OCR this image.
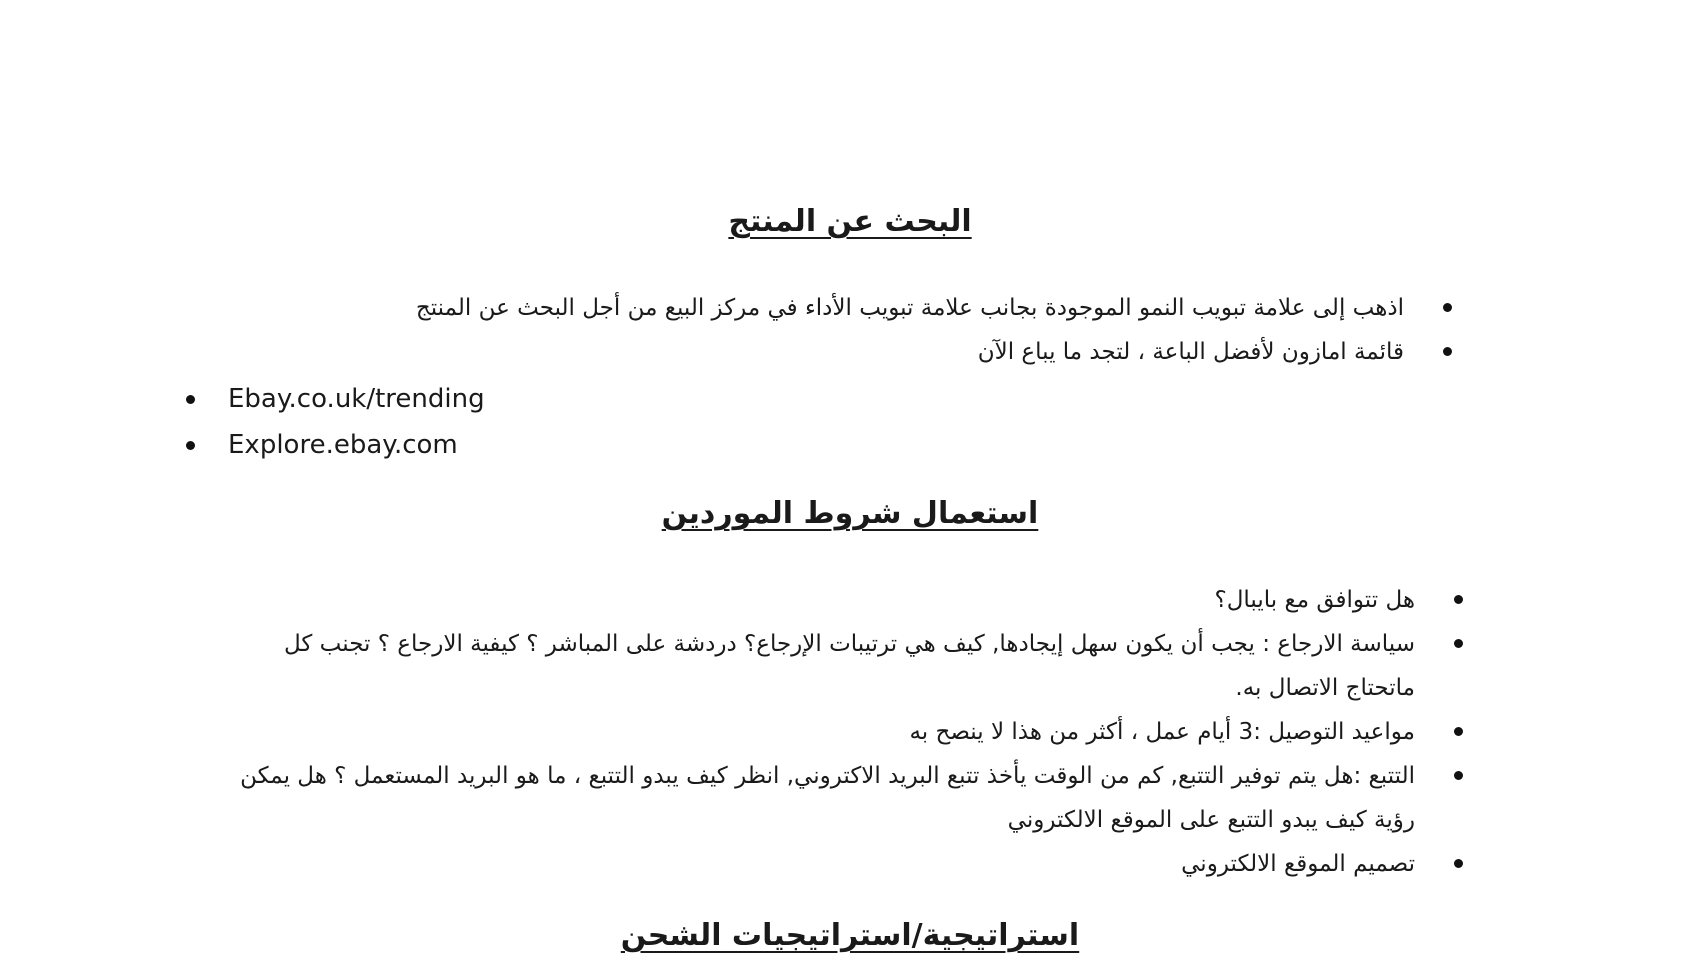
البحث عن المنتج
اذهب إلى علامة تبويب النمو الموجودة بجانب علامة تبويب الأداء في مركز البيع من أجل البحث عن المنتج
قائمة امازون لأفضل الباعة ، لتجد ما يباع الآن
Ebay.co.uk/trending
Explore.ebay.com
استعمال شروط الموردين
هل تتوافق مع بايبال؟
سياسة الارجاع : يجب أن يكون سهل إيجادها, كيف هي ترتيبات الإرجاع؟ دردشة على المباشر ؟ كيفية الارجاع ؟ تجنب كل ماتحتاج الاتصال به.
مواعيد التوصيل :3 أيام عمل ، أكثر من هذا لا ينصح به
التتبع :هل يتم توفير التتبع, كم من الوقت يأخذ تتبع البريد الاكتروني, انظر كيف يبدو التتبع ، ما هو البريد المستعمل ؟ هل يمكن رؤية كيف يبدو التتبع على الموقع الالكتروني
تصميم الموقع الالكتروني
استراتيجية/استراتيجيات الشحن
